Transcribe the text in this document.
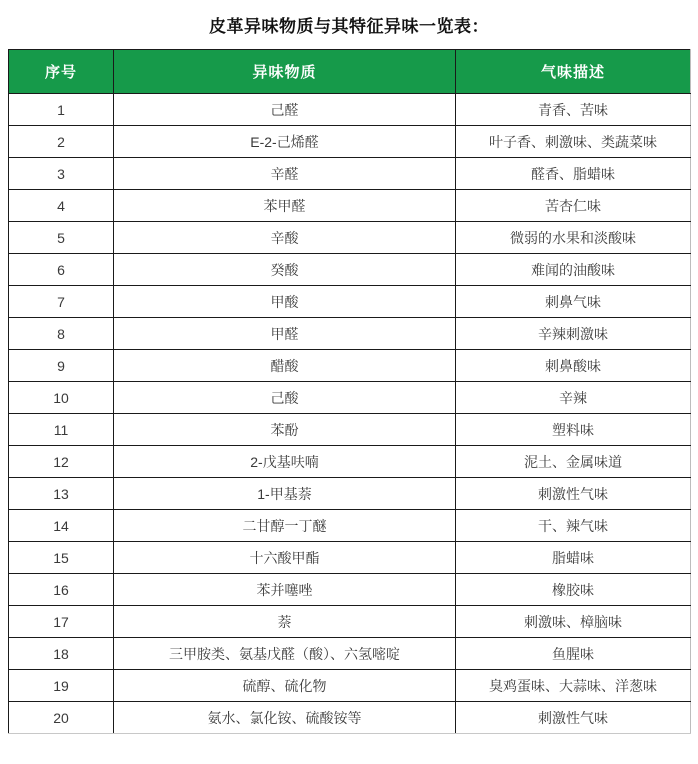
皮革异味物质与其特征异味一览表：
序号	异味物质	气味描述
1	己醛	青香、苦味
2	E-2-己烯醛	叶子香、刺激味、类蔬菜味
3	辛醛	醛香、脂蜡味
4	苯甲醛	苦杏仁味
5	辛酸	微弱的水果和淡酸味
6	癸酸	难闻的油酸味
7	甲酸	刺鼻气味
8	甲醛	辛辣刺激味
9	醋酸	刺鼻酸味
10	己酸	辛辣
11	苯酚	塑料味
12	2-戊基呋喃	泥土、金属味道
13	1-甲基萘	刺激性气味
14	二甘醇一丁醚	干、辣气味
15	十六酸甲酯	脂蜡味
16	苯并噻唑	橡胶味
17	萘	刺激味、樟脑味
18	三甲胺类、氨基戊醛（酸）、六氢嘧啶	鱼腥味
19	硫醇、硫化物	臭鸡蛋味、大蒜味、洋葱味
20	氨水、氯化铵、硫酸铵等	刺激性气味
